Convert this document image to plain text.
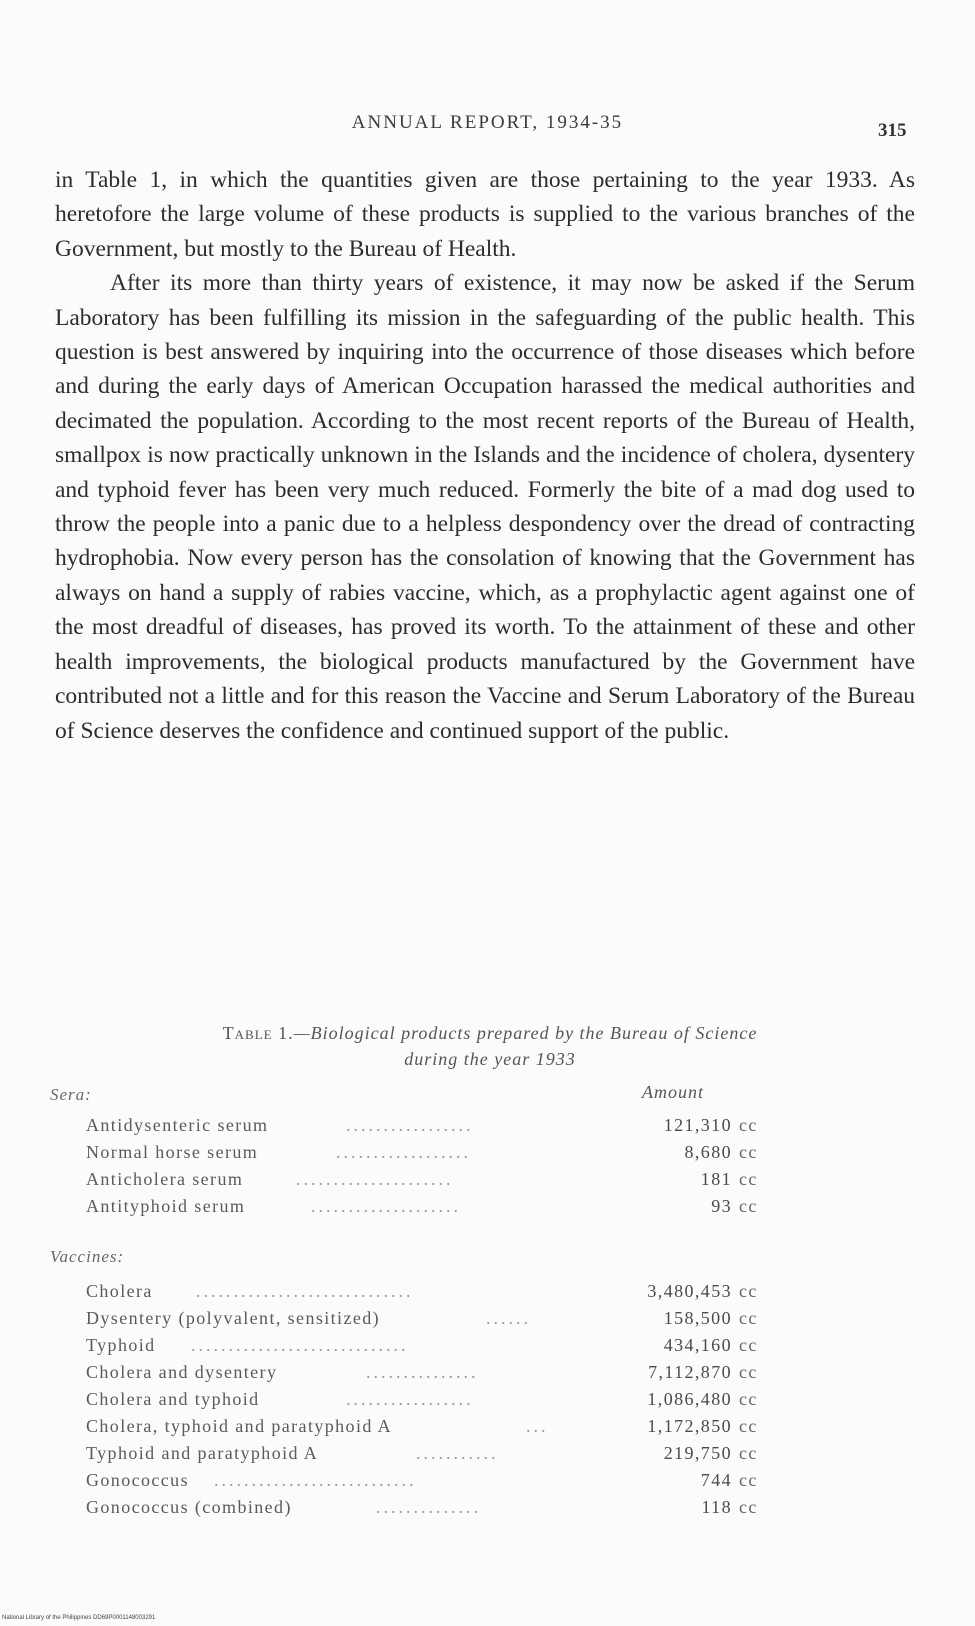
ANNUAL REPORT, 1934-35	315

in Table 1, in which the quantities given are those pertaining to the year 1933. As heretofore the large volume of these products is supplied to the various branches of the Government, but mostly to the Bureau of Health.

After its more than thirty years of existence, it may now be asked if the Serum Laboratory has been fulfilling its mission in the safeguarding of the public health. This question is best answered by inquiring into the occurrence of those diseases which before and during the early days of American Occupation harassed the medical authorities and decimated the population. According to the most recent reports of the Bureau of Health, smallpox is now practically unknown in the Islands and the incidence of cholera, dysentery and typhoid fever has been very much reduced. Formerly the bite of a mad dog used to throw the people into a panic due to a helpless despondency over the dread of contracting hydrophobia. Now every person has the consolation of knowing that the Government has always on hand a supply of rabies vaccine, which, as a prophylactic agent against one of the most dreadful of diseases, has proved its worth. To the attainment of these and other health improvements, the biological products manufactured by the Government have contributed not a little and for this reason the Vaccine and Serum Laboratory of the Bureau of Science deserves the confidence and continued support of the public.

Table 1.—Biological products prepared by the Bureau of Science
during the year 1933
Sera:	Amount
Antidysenteric serum	.................	121,310 cc
Normal horse serum	..................	8,680 cc
Anticholera serum	.....................	181 cc
Antityphoid serum	....................	93 cc
Vaccines:
Cholera .............................	3,480,453 cc
Dysentery (polyvalent, sensitized)	......	158,500 cc
Typhoid .............................	434,160 cc
Cholera and dysentery	...............	7,112,870 cc
Cholera and typhoid	.................	1,086,480 cc
Cholera, typhoid and paratyphoid A	...	1,172,850 cc
Typhoid and paratyphoid A	...........	219,750 cc
Gonococcus ...........................	744 cc
Gonococcus (combined)	..............	118 cc
National Library of the Philippines DD69P0001148003291
